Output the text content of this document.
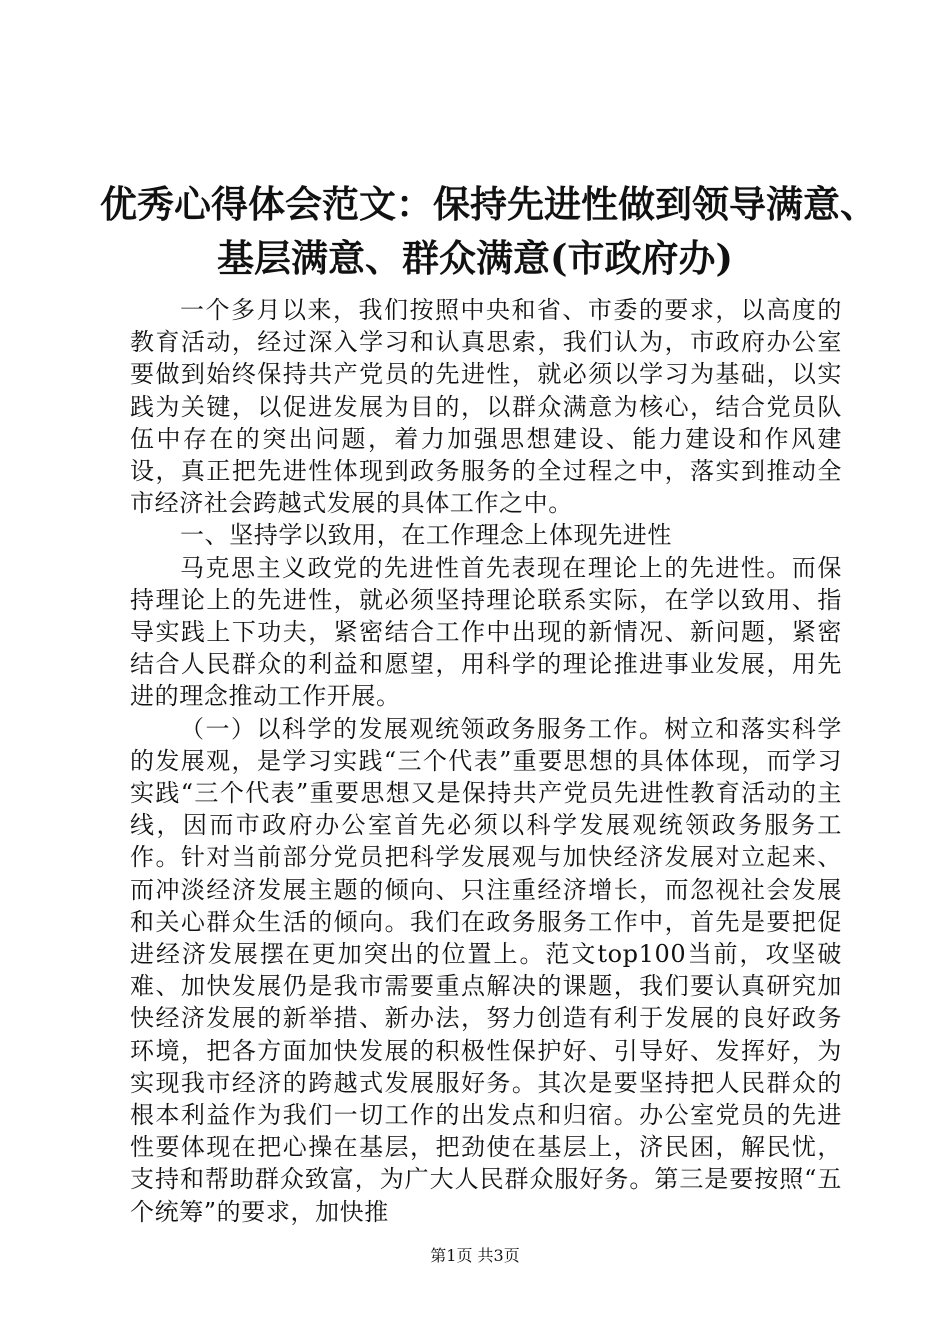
优秀心得体会范文：保持先进性做到领导满意、
基层满意、群众满意(市政府办)

一个多月以来，我们按照中央和省、市委的要求，以高度的教育活动，经过深入学习和认真思索，我们认为，市政府办公室要做到始终保持共产党员的先进性，就必须以学习为基础，以实践为关键，以促进发展为目的，以群众满意为核心，结合党员队伍中存在的突出问题，着力加强思想建设、能力建设和作风建设，真正把先进性体现到政务服务的全过程之中，落实到推动全市经济社会跨越式发展的具体工作之中。

一、坚持学以致用，在工作理念上体现先进性

马克思主义政党的先进性首先表现在理论上的先进性。而保持理论上的先进性，就必须坚持理论联系实际，在学以致用、指导实践上下功夫，紧密结合工作中出现的新情况、新问题，紧密结合人民群众的利益和愿望，用科学的理论推进事业发展，用先进的理念推动工作开展。

（一）以科学的发展观统领政务服务工作。树立和落实科学的发展观，是学习实践“三个代表”重要思想的具体体现，而学习实践“三个代表”重要思想又是保持共产党员先进性教育活动的主线，因而市政府办公室首先必须以科学发展观统领政务服务工作。针对当前部分党员把科学发展观与加快经济发展对立起来、而冲淡经济发展主题的倾向、只注重经济增长，而忽视社会发展和关心群众生活的倾向。我们在政务服务工作中，首先是要把促进经济发展摆在更加突出的位置上。范文top100当前，攻坚破难、加快发展仍是我市需要重点解决的课题，我们要认真研究加快经济发展的新举措、新办法，努力创造有利于发展的良好政务环境，把各方面加快发展的积极性保护好、引导好、发挥好，为实现我市经济的跨越式发展服好务。其次是要坚持把人民群众的根本利益作为我们一切工作的出发点和归宿。办公室党员的先进性要体现在把心操在基层，把劲使在基层上，济民困，解民忧，支持和帮助群众致富，为广大人民群众服好务。第三是要按照“五个统筹”的要求，加快推

第1页 共3页
